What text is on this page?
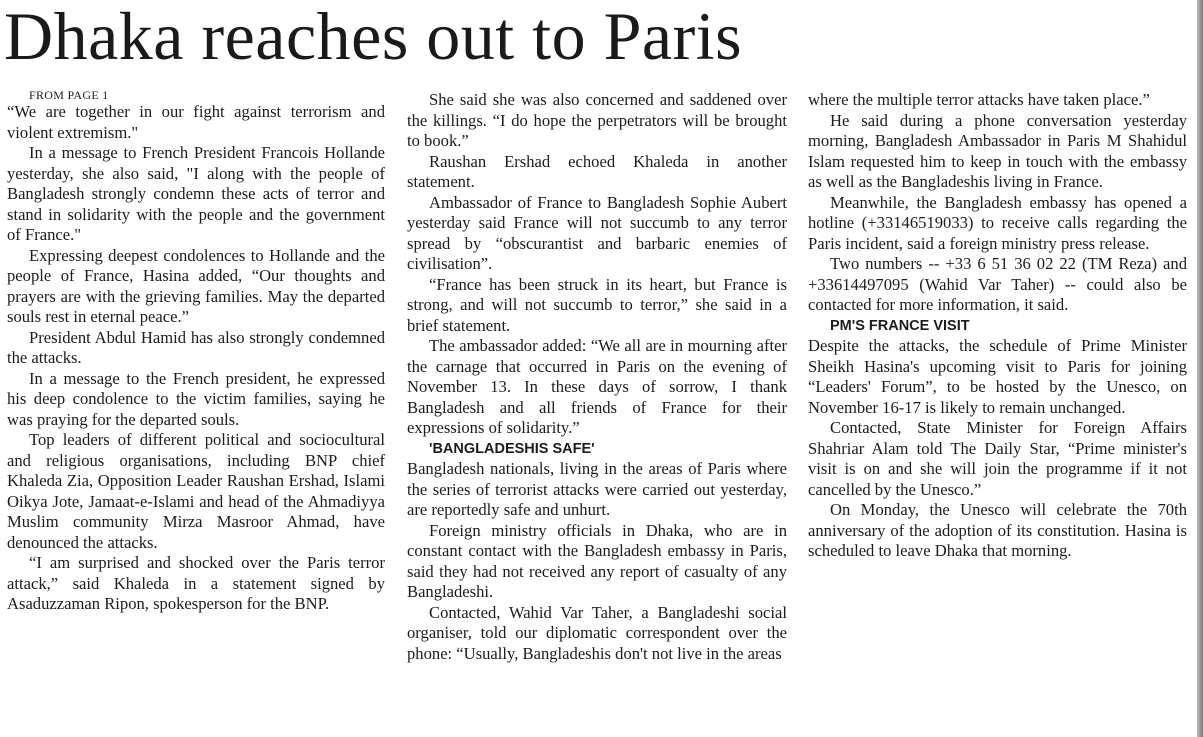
Dhaka reaches out to Paris

FROM PAGE 1

“We are together in our fight against terrorism and violent extremism."

In a message to French President Francois Hollande yesterday, she also said, "I along with the people of Bangladesh strongly condemn these acts of terror and stand in solidarity with the people and the government of France."

Expressing deepest condolences to Hollande and the people of France, Hasina added, “Our thoughts and prayers are with the grieving families. May the departed souls rest in eternal peace.”

President Abdul Hamid has also strongly condemned the attacks.

In a message to the French president, he expressed his deep condolence to the victim families, saying he was praying for the departed souls.

Top leaders of different political and sociocultural and religious organisations, including BNP chief Khaleda Zia, Opposition Leader Raushan Ershad, Islami Oikya Jote, Jamaat-e-Islami and head of the Ahmadiyya Muslim community Mirza Masroor Ahmad, have denounced the attacks.

“I am surprised and shocked over the Paris terror attack,” said Khaleda in a statement signed by Asaduzzaman Ripon, spokesperson for the BNP.

She said she was also concerned and saddened over the killings. “I do hope the perpetrators will be brought to book.”

Raushan Ershad echoed Khaleda in another statement.

Ambassador of France to Bangladesh Sophie Aubert yesterday said France will not succumb to any terror spread by “obscurantist and barbaric enemies of civilisation”.

“France has been struck in its heart, but France is strong, and will not succumb to terror,” she said in a brief statement.

The ambassador added: “We all are in mourning after the carnage that occurred in Paris on the evening of November 13. In these days of sorrow, I thank Bangladesh and all friends of France for their expressions of solidarity.”

'BANGLADESHIS SAFE'

Bangladesh nationals, living in the areas of Paris where the series of terrorist attacks were carried out yesterday, are reportedly safe and unhurt.

Foreign ministry officials in Dhaka, who are in constant contact with the Bangladesh embassy in Paris, said they had not received any report of casualty of any Bangladeshi.

Contacted, Wahid Var Taher, a Bangladeshi social organiser, told our diplomatic correspondent over the phone: “Usually, Bangladeshis don't not live in the areas

where the multiple terror attacks have taken place.”

He said during a phone conversation yesterday morning, Bangladesh Ambassador in Paris M Shahidul Islam requested him to keep in touch with the embassy as well as the Bangladeshis living in France.

Meanwhile, the Bangladesh embassy has opened a hotline (+33146519033) to receive calls regarding the Paris incident, said a foreign ministry press release.

Two numbers -- +33 6 51 36 02 22 (TM Reza) and +33614497095 (Wahid Var Taher) -- could also be contacted for more information, it said.

PM'S FRANCE VISIT

Despite the attacks, the schedule of Prime Minister Sheikh Hasina's upcoming visit to Paris for joining “Leaders' Forum”, to be hosted by the Unesco, on November 16-17 is likely to remain unchanged.

Contacted, State Minister for Foreign Affairs Shahriar Alam told The Daily Star, “Prime minister's visit is on and she will join the programme if it not cancelled by the Unesco.”

On Monday, the Unesco will celebrate the 70th anniversary of the adoption of its constitution. Hasina is scheduled to leave Dhaka that morning.
